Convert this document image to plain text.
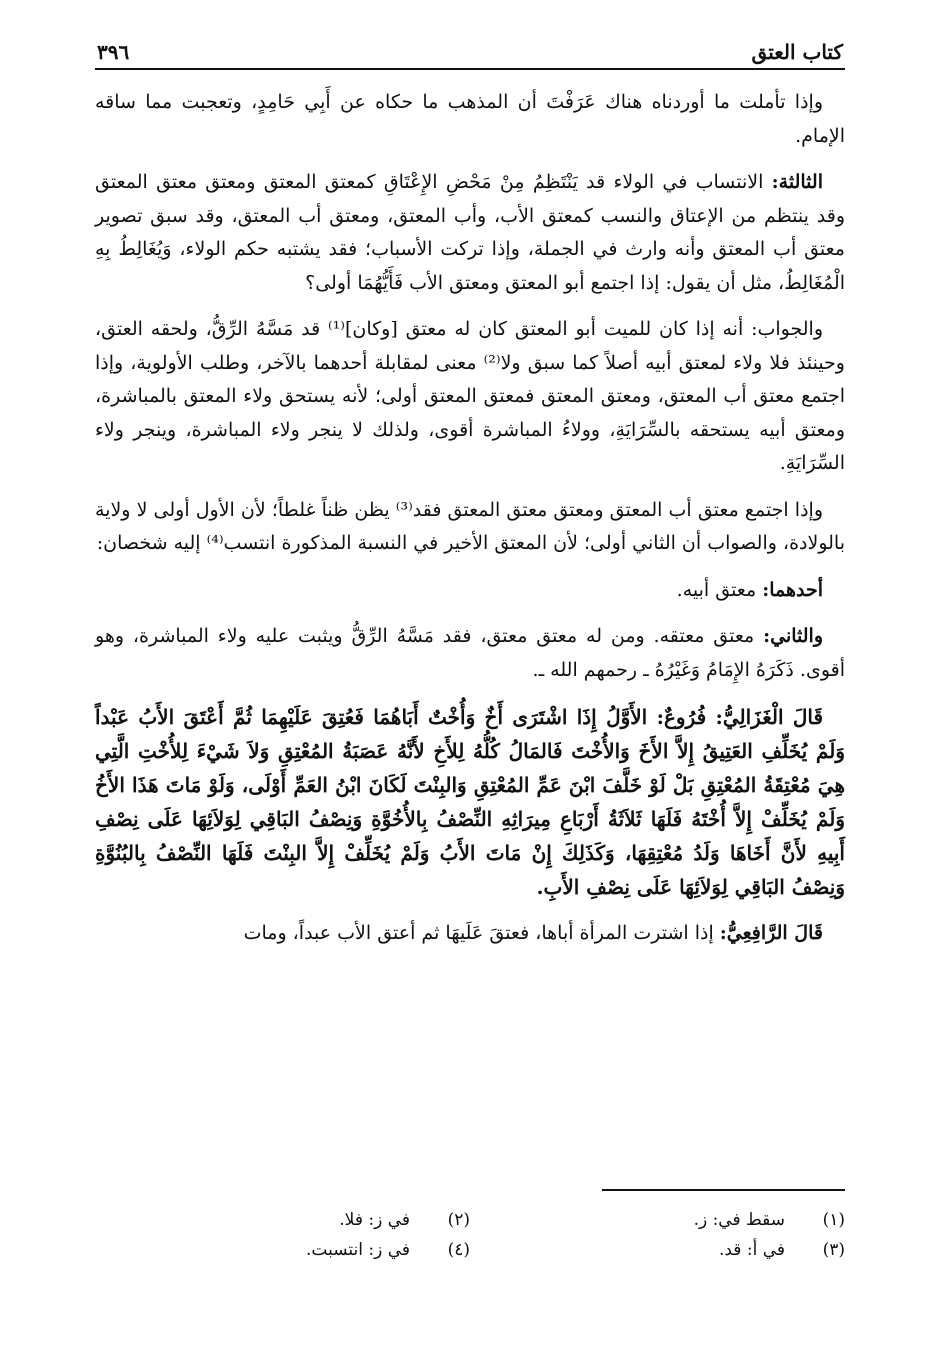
كتاب العتق
٣٩٦

وإذا تأملت ما أوردناه هناك عَرَفْتَ أن المذهب ما حكاه عن أَبِي حَامِدٍ، وتعجبت مما ساقه الإمام.

الثالثة: الانتساب في الولاء قد يَنْتَظِمُ مِنْ مَحْضِ الإِعْتَاقِ كمعتق المعتق ومعتق معتق المعتق وقد ينتظم من الإعتاق والنسب كمعتق الأب، وأب المعتق، ومعتق أب المعتق، وقد سبق تصوير معتق أب المعتق وأنه وارث في الجملة، وإذا تركت الأسباب؛ فقد يشتبه حكم الولاء، وَيُغَالِطُ بِهِ الْمُغَالِطُ، مثل أن يقول: إذا اجتمع أبو المعتق ومعتق الأب فَأَيُّهُمَا أولى؟

والجواب: أنه إذا كان للميت أبو المعتق كان له معتق [وكان]⁽¹⁾ قد مَسَّهُ الرِّقُّ، ولحقه العتق، وحينئذ فلا ولاء لمعتق أبيه أصلاً كما سبق ولا⁽²⁾ معنى لمقابلة أحدهما بالآخر، وطلب الأولوية، وإذا اجتمع معتق أب المعتق، ومعتق المعتق فمعتق المعتق أولى؛ لأنه يستحق ولاء المعتق بالمباشرة، ومعتق أبيه يستحقه بالسِّرَايَةِ، وولاءُ المباشرة أقوى، ولذلك لا ينجر ولاء المباشرة، وينجر ولاء السِّرَايَةِ.

وإذا اجتمع معتق أب المعتق ومعتق معتق المعتق فقد⁽³⁾ يظن ظناً غلطاً؛ لأن الأول أولى لا ولاية بالولادة، والصواب أن الثاني أولى؛ لأن المعتق الأخير في النسبة المذكورة انتسب⁽⁴⁾ إليه شخصان:

أحدهما: معتق أبيه.

والثاني: معتق معتقه. ومن له معتق معتق، فقد مَسَّهُ الرِّقُّ ويثبت عليه ولاء المباشرة، وهو أقوى. ذَكَرَهُ الإِمَامُ وَغَيْرُهُ ـ رحمهم الله ـ.

قَالَ الْغَزَالِيُّ: فُرُوعٌ: الأَوَّلُ إِذَا اشْتَرَى أَخٌ وَأُخْتٌ أَبَاهُمَا فَعُتِقَ عَلَيْهِمَا ثُمَّ أَعْتَقَ الأَبُ عَبْداً وَلَمْ يُخَلِّفِ العَتِيقُ إِلاَّ الأَخَ وَالأُخْتَ فَالمَالُ كُلُّهُ لِلأَخِ لأَنَّهُ عَصَبَةُ المُعْتِقِ وَلاَ شَيْءَ لِلأُخْتِ الَّتِي هِيَ مُعْتِقَةُ المُعْتِقِ بَلْ لَوْ خَلَّفَ ابْنَ عَمِّ المُعْتِقِ وَالبِنْتَ لَكَانَ ابْنُ العَمِّ أَوْلَى، وَلَوْ مَاتَ هَذَا الأَخُ وَلَمْ يُخَلِّفْ إِلاَّ أُخْتَهُ فَلَهَا ثَلاَثَةُ أَرْبَاعِ مِيرَاثِهِ النِّصْفُ بِالأُخُوَّةِ وَنِصْفُ البَاقِي لِوَلاَئِهَا عَلَى نِصْفِ أَبِيهِ لأَنَّ أَخَاهَا وَلَدُ مُعْتِقِهَا، وَكَذَلِكَ إِنْ مَاتَ الأَبُ وَلَمْ يُخَلِّفْ إِلاَّ البِنْتَ فَلَهَا النِّصْفُ بِالبُنُوَّةِ وَنِصْفُ البَاقِي لِوَلاَئِهَا عَلَى نِصْفِ الأَبِ.

قَالَ الرَّافِعِيُّ: إذا اشترت المرأة أباها، فعتقَ عَلَيهَا ثم أعتق الأب عبداً، ومات

(١)
سقط في: ز.
(٢)
في ز: فلا.
(٣)
في أ: قد.
(٤)
في ز: انتسبت.
